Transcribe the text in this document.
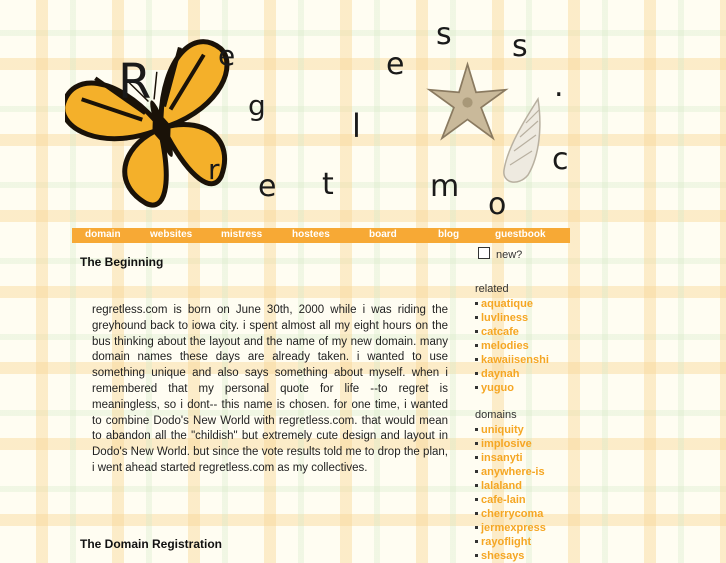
R e
g
l
e
s s
.
c
o
m
t
e
r
domain	websites	mistress	hostees	board	blog	guestbook
The Beginning

regretless.com is born on June 30th, 2000 while i was riding the greyhound back to iowa city. i spent almost all my eight hours on the bus thinking about the layout and the name of my new domain. many domain names these days are already taken. i wanted to use something unique and also says something about myself. when i remembered that my personal quote for life --to regret is meaningless, so i dont-- this name is chosen. for one time, i wanted to combine Dodo's New World with regretless.com. that would mean to abandon all the "childish" but extremely cute design and layout in Dodo's New World. but since the vote results told me to drop the plan, i went ahead started regretless.com as my collectives.

The Domain Registration
new?
related
aquatique
luvliness
catcafe
melodies
kawaiisenshi
daynah
yuguo
domains
uniquity
implosive
insanyti
anywhere-is
lalaland
cafe-lain
cherrycoma
jermexpress
rayoflight
shesays
